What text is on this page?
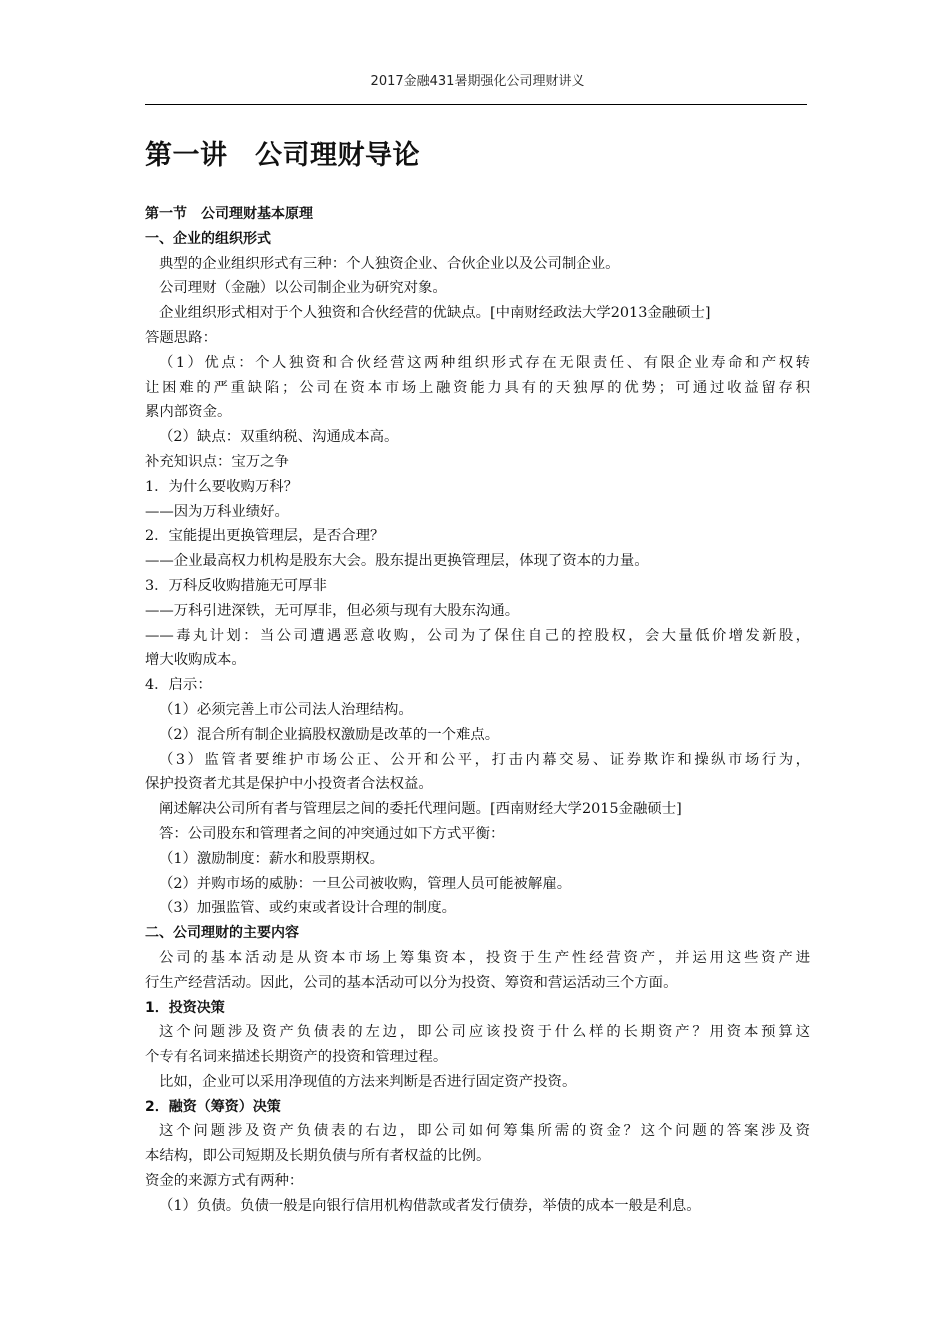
2017金融431暑期强化公司理财讲义
第一讲　公司理财导论
第一节　公司理财基本原理
一、企业的组织形式
典型的企业组织形式有三种：个人独资企业、合伙企业以及公司制企业。
公司理财（金融）以公司制企业为研究对象。
企业组织形式相对于个人独资和合伙经营的优缺点。[中南财经政法大学2013金融硕士]
答题思路：
（1）优点：个人独资和合伙经营这两种组织形式存在无限责任、有限企业寿命和产权转
让困难的严重缺陷；公司在资本市场上融资能力具有的天独厚的优势；可通过收益留存积
累内部资金。
（2）缺点：双重纳税、沟通成本高。
补充知识点：宝万之争
1．为什么要收购万科？
——因为万科业绩好。
2．宝能提出更换管理层，是否合理？
——企业最高权力机构是股东大会。股东提出更换管理层，体现了资本的力量。
3．万科反收购措施无可厚非
——万科引进深铁，无可厚非，但必须与现有大股东沟通。
——毒丸计划：当公司遭遇恶意收购，公司为了保住自己的控股权，会大量低价增发新股，
增大收购成本。
4．启示：
（1）必须完善上市公司法人治理结构。
（2）混合所有制企业搞股权激励是改革的一个难点。
（3）监管者要维护市场公正、公开和公平，打击内幕交易、证券欺诈和操纵市场行为，
保护投资者尤其是保护中小投资者合法权益。
阐述解决公司所有者与管理层之间的委托代理问题。[西南财经大学2015金融硕士]
答：公司股东和管理者之间的冲突通过如下方式平衡：
（1）激励制度：薪水和股票期权。
（2）并购市场的威胁：一旦公司被收购，管理人员可能被解雇。
（3）加强监管、或约束或者设计合理的制度。
二、公司理财的主要内容
公司的基本活动是从资本市场上筹集资本，投资于生产性经营资产，并运用这些资产进
行生产经营活动。因此，公司的基本活动可以分为投资、筹资和营运活动三个方面。
1．投资决策
这个问题涉及资产负债表的左边，即公司应该投资于什么样的长期资产？用资本预算这
个专有名词来描述长期资产的投资和管理过程。
比如，企业可以采用净现值的方法来判断是否进行固定资产投资。
2．融资（筹资）决策
这个问题涉及资产负债表的右边，即公司如何筹集所需的资金？这个问题的答案涉及资
本结构，即公司短期及长期负债与所有者权益的比例。
资金的来源方式有两种：
（1）负债。负债一般是向银行信用机构借款或者发行债券，举债的成本一般是利息。
